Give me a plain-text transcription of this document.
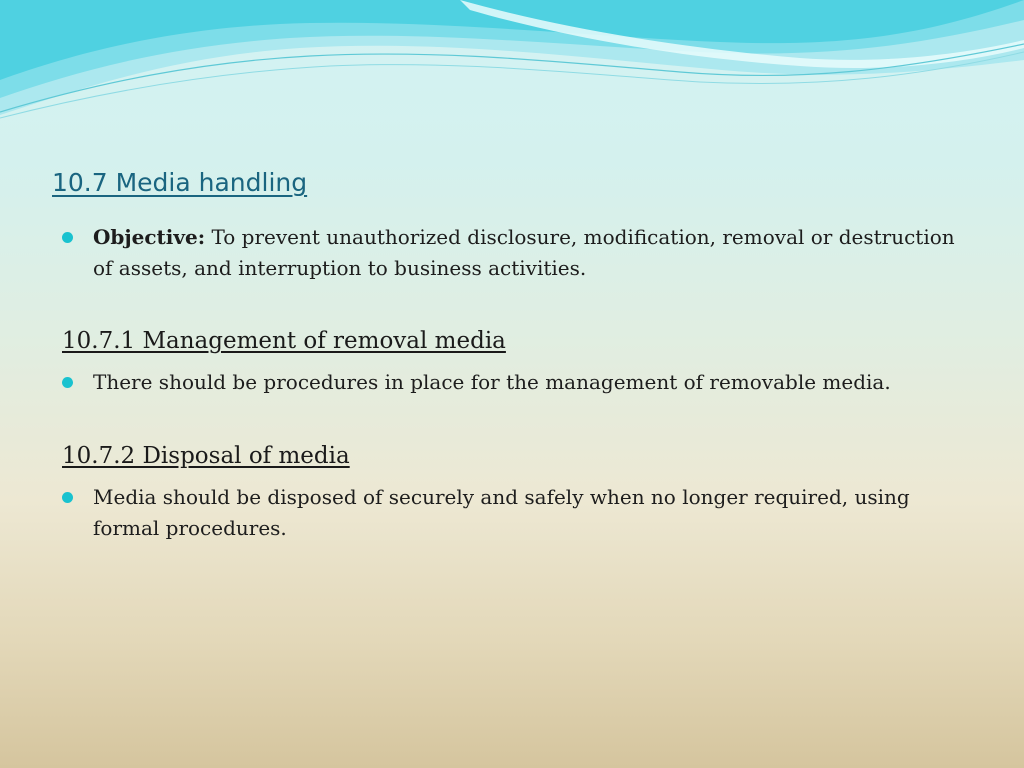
10.7 Media handling
Objective: To prevent unauthorized disclosure, modification, removal or destruction of assets, and interruption to business activities.
10.7.1 Management of removal media
There should be procedures in place for the management of removable media.
10.7.2 Disposal of media
Media should be disposed of securely and safely when no longer required, using formal procedures.
